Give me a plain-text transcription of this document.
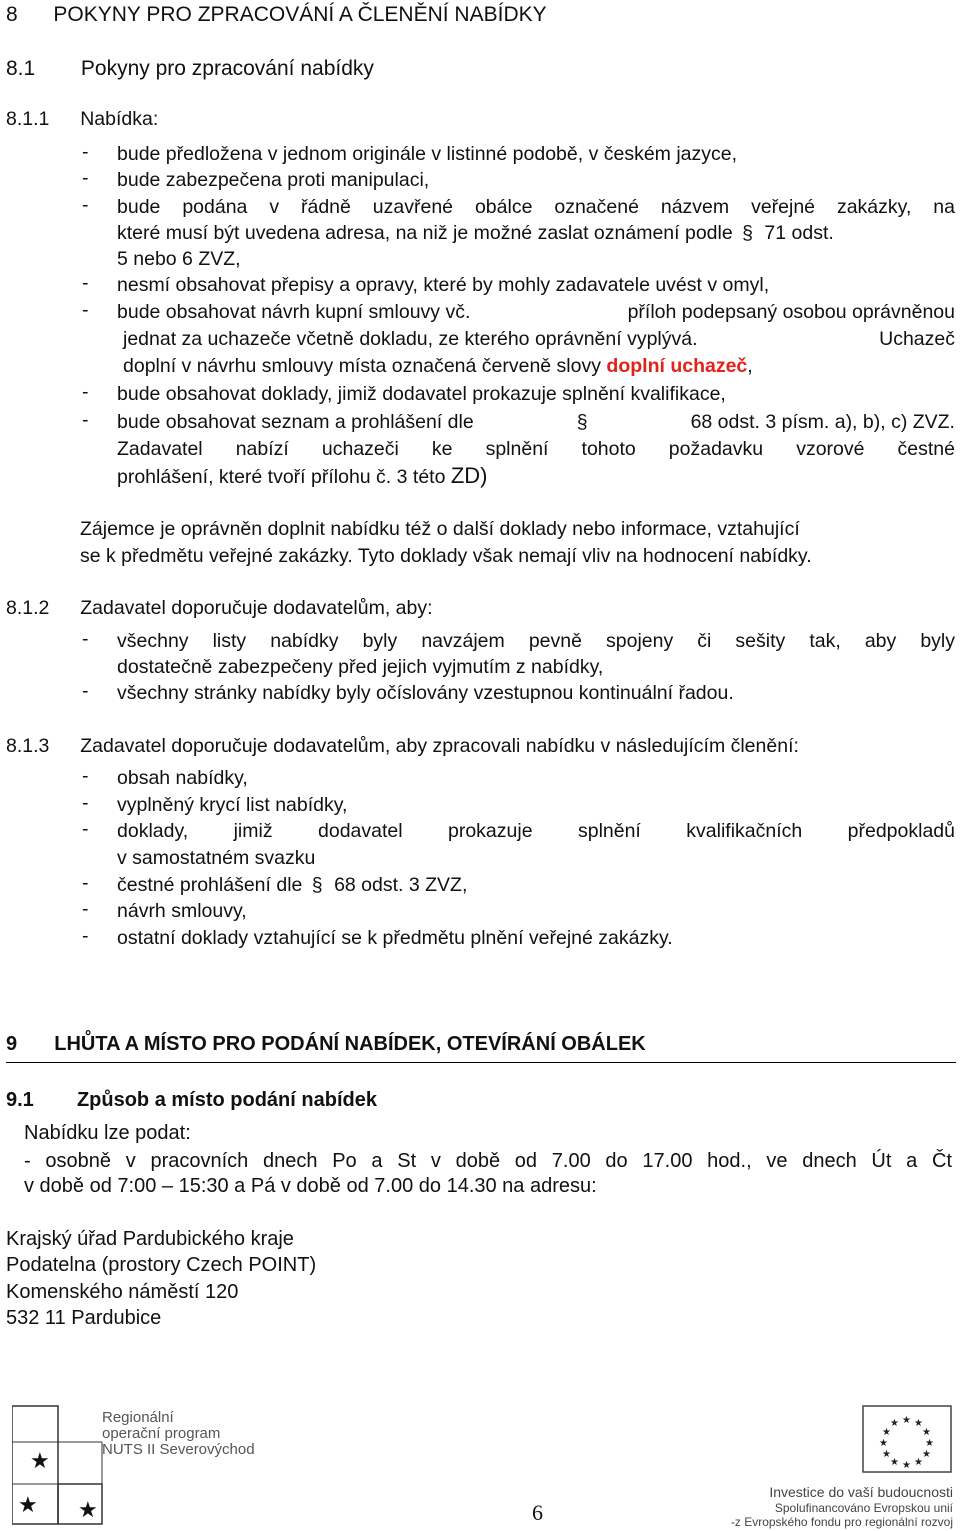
8 POKYNY PRO ZPRACOVÁNÍ A ČLENĚNÍ NABÍDKY
8.1 Pokyny pro zpracování nabídky
8.1.1 Nabídka:
- bude předložena v jednom originále v listinné podobě, v českém jazyce,
- bude zabezpečena proti manipulaci,
- bude podána v řádně uzavřené obálce označené názvem veřejné zakázky, na
které musí být uvedena adresa, na niž je možné zaslat oznámení podle § 71 odst.
5 nebo 6 ZVZ,
- nesmí obsahovat přepisy a opravy, které by mohly zadavatele uvést v omyl,
- bude obsahovat návrh kupní smlouvy vč.	příloh podepsaný osobou oprávněnou
jednat za uchazeče včetně dokladu, ze kterého oprávnění vyplývá.	Uchazeč
doplní v návrhu smlouvy místa označená červeně slovy doplní uchazeč,
- bude obsahovat doklady, jimiž dodavatel prokazuje splnění kvalifikace,
- bude obsahovat seznam a prohlášení dle	§	68 odst. 3 písm. a), b), c) ZVZ.
Zadavatel nabízí uchazeči ke splnění tohoto požadavku vzorové čestné
prohlášení, které tvoří přílohu č. 3 této ZD)
Zájemce je oprávněn doplnit nabídku též o další doklady nebo informace, vztahující
se k předmětu veřejné zakázky. Tyto doklady však nemají vliv na hodnocení nabídky.
8.1.2 Zadavatel doporučuje dodavatelům, aby:
- všechny listy nabídky byly navzájem pevně spojeny či sešity tak, aby byly
dostatečně zabezpečeny před jejich vyjmutím z nabídky,
- všechny stránky nabídky byly očíslovány vzestupnou kontinuální řadou.
8.1.3 Zadavatel doporučuje dodavatelům, aby zpracovali nabídku v následujícím členění:
- obsah nabídky,
- vyplněný krycí list nabídky,
- doklady, jimiž dodavatel prokazuje splnění kvalifikačních předpokladů
v samostatném svazku
- čestné prohlášení dle § 68 odst. 3 ZVZ,
- návrh smlouvy,
- ostatní doklady vztahující se k předmětu plnění veřejné zakázky.
9 LHŮTA A MÍSTO PRO PODÁNÍ NABÍDEK, OTEVÍRÁNÍ OBÁLEK
9.1 Způsob a místo podání nabídek
Nabídku lze podat:
- osobně v pracovních dnech Po a St v době od 7.00 do 17.00 hod., ve dnech Út a Čt
v době od 7:00 – 15:30 a Pá v době od 7.00 do 14.30 na adresu:
Krajský úřad Pardubického kraje
Podatelna (prostory Czech POINT)
Komenského náměstí 120
532 11 Pardubice
★
★ ★
Regionální
operační program
NUTS II Severovýchod
6
★ ★
★
★
★
★
★
★
★
★
★
★
Investice do vaší budoucnosti
Spolufinancováno Evropskou unií
-z Evropského fondu pro regionální rozvoj
